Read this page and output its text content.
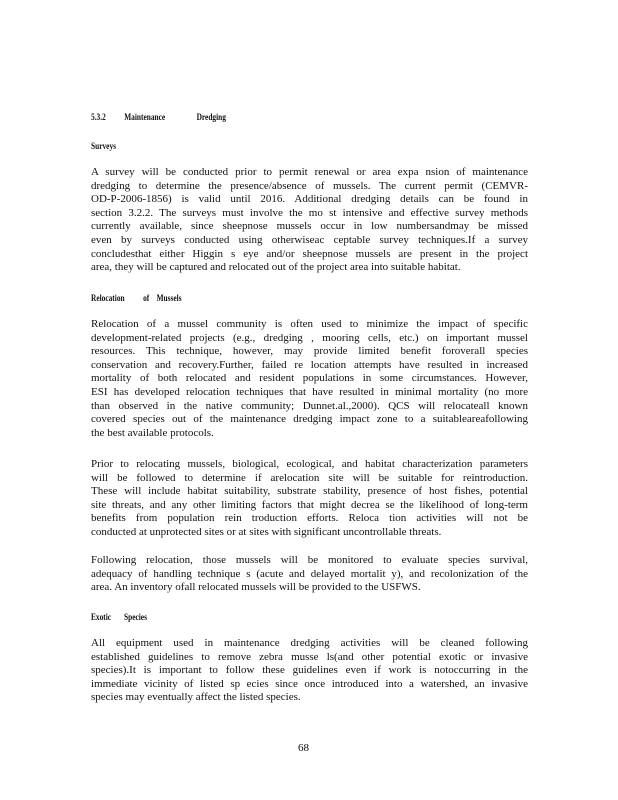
5.3.2          Maintenance                 Dredging
Surveys
A survey will be conducted prior to permit renewal or area expa nsion of maintenance
dredging to determine the presence/absence of mussels. The current permit (CEMVR-
OD-P-2006-1856) is valid until 2016. Additional dredging details can be found in
section 3.2.2. The surveys must involve the mo st intensive and effective survey methods
currently available, since sheepnose mussels occur in low numbersandmay be missed
even by surveys conducted using otherwiseac ceptable survey techniques.If a survey
concludesthat either Higgin s eye and/or sheepnose mussels are present in the project
area, they will be captured and relocated out of the project area into suitable habitat.
Relocation          of    Mussels
Relocation of a mussel community is often used to minimize the impact of specific
development-related projects (e.g., dredging , mooring cells, etc.) on important mussel
resources. This technique, however, may provide limited benefit foroverall species
conservation and recovery.Further, failed re location attempts have resulted in increased
mortality of both relocated and resident populations in some circumstances. However,
ESI has developed relocation techniques that have resulted in minimal mortality (no more
than observed in the native community; Dunnet.al.,2000). QCS will relocateall known
covered species out of the maintenance dredging impact zone to a suitableareafollowing
the best available protocols.
Prior to relocating mussels, biological, ecological, and habitat characterization parameters
will be followed to determine if arelocation site will be suitable for reintroduction.
These will include habitat suitability, substrate stability, presence of host fishes, potential
site threats, and any other limiting factors that might decrea se the likelihood of long-term
benefits from population rein troduction efforts. Reloca tion activities will not be
conducted at unprotected sites or at sites with significant uncontrollable threats.
Following relocation, those mussels will be monitored to evaluate species survival,
adequacy of handling technique s (acute and delayed mortalit y), and recolonization of the
area. An inventory ofall relocated mussels will be provided to the USFWS.
Exotic       Species
All equipment used in maintenance dredging activities will be cleaned following
established guidelines to remove zebra musse ls(and other potential exotic or invasive
species).It is important to follow these guidelines even if work is notoccurring in the
immediate vicinity of listed sp ecies since once introduced into a watershed, an invasive
species may eventually affect the listed species.
68
